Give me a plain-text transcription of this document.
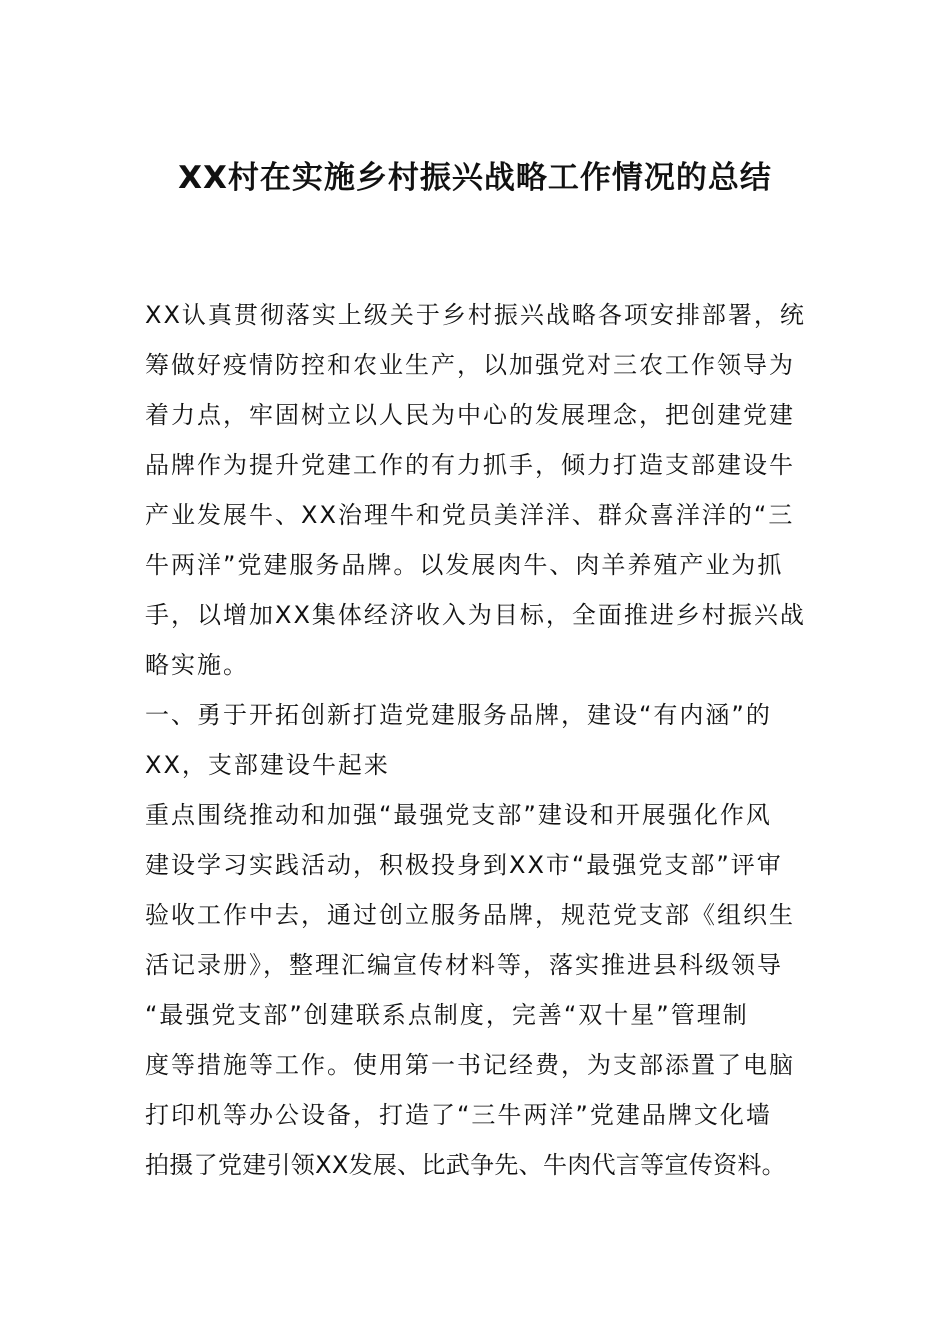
XX村在实施乡村振兴战略工作情况的总结
XX认真贯彻落实上级关于乡村振兴战略各项安排部署，统
筹做好疫情防控和农业生产，以加强党对三农工作领导为
着力点，牢固树立以人民为中心的发展理念，把创建党建
品牌作为提升党建工作的有力抓手，倾力打造支部建设牛
产业发展牛、XX治理牛和党员美洋洋、群众喜洋洋的“三
牛两洋”党建服务品牌。以发展肉牛、肉羊养殖产业为抓
手，以增加XX集体经济收入为目标，全面推进乡村振兴战
略实施。
一、勇于开拓创新打造党建服务品牌，建设“有内涵”的
XX，支部建设牛起来
重点围绕推动和加强“最强党支部”建设和开展强化作风
建设学习实践活动，积极投身到XX市“最强党支部”评审
验收工作中去，通过创立服务品牌，规范党支部《组织生
活记录册》，整理汇编宣传材料等，落实推进县科级领导
“最强党支部”创建联系点制度，完善“双十星”管理制
度等措施等工作。使用第一书记经费，为支部添置了电脑
打印机等办公设备，打造了“三牛两洋”党建品牌文化墙
拍摄了党建引领XX发展、比武争先、牛肉代言等宣传资料。
